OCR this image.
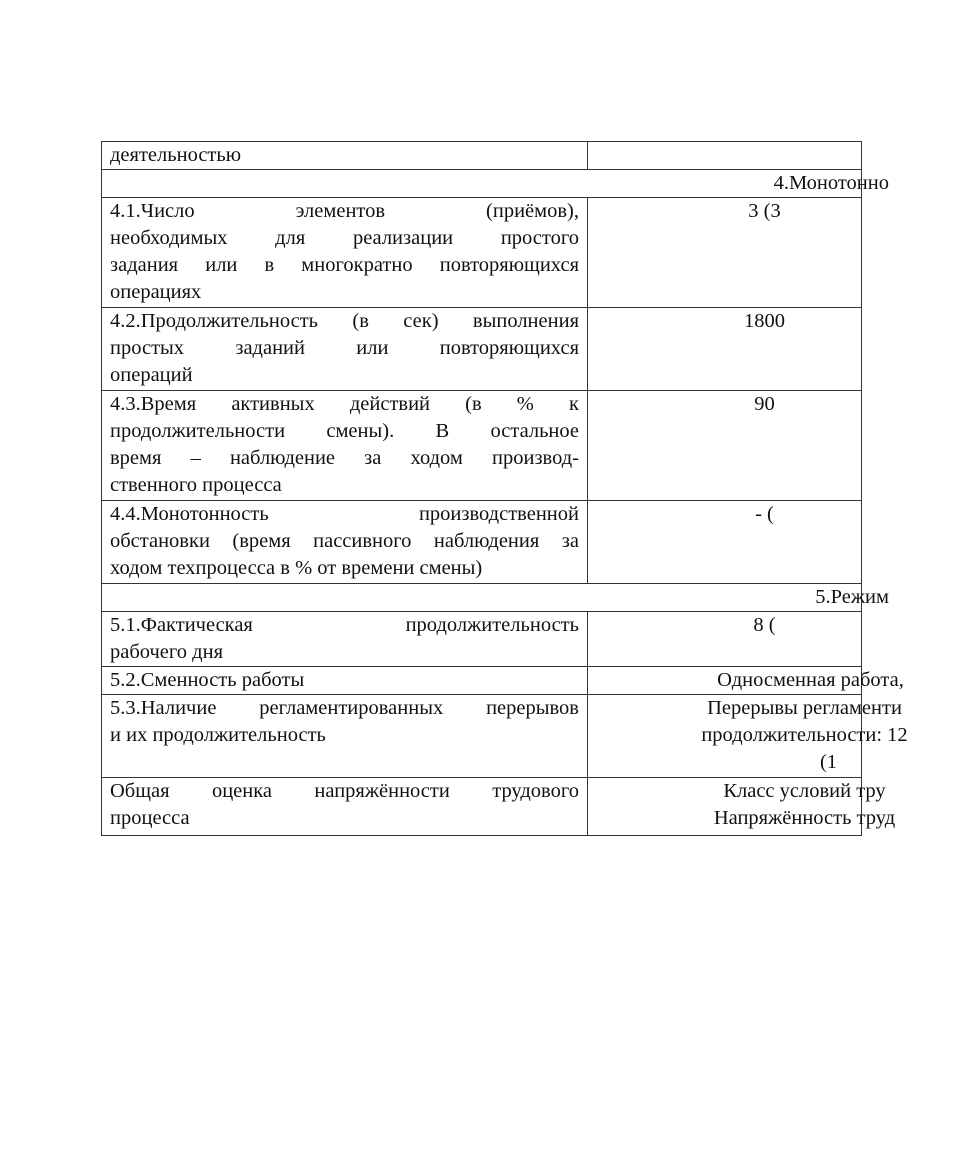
деятельностью	
4.Монотонно	

4.1.Число элементов (приёмов),
необходимых для реализации простого
задания или в многократно повторяющихся
операциях	3 (3

4.2.Продолжительность (в сек) выполнения
простых заданий или повторяющихся
операций	1800

4.3.Время активных действий (в % к
продолжительности смены). В остальное
время – наблюдение за ходом производ-
ственного процесса	90

4.4.Монотонность производственной
обстановки (время пассивного наблюдения за
ходом техпроцесса в % от времени смены)	- (
5.Режим	

5.1.Фактическая продолжительность
рабочего дня	8 (
5.2.Сменность работы	Односменная работа,

5.3.Наличие регламентированных перерывов
и их продолжительность	Перерывы регламенти
продолжительности: 12
(1

Общая оценка напряжённости трудового
процесса	Класс условий тру
Напряжённость труд
